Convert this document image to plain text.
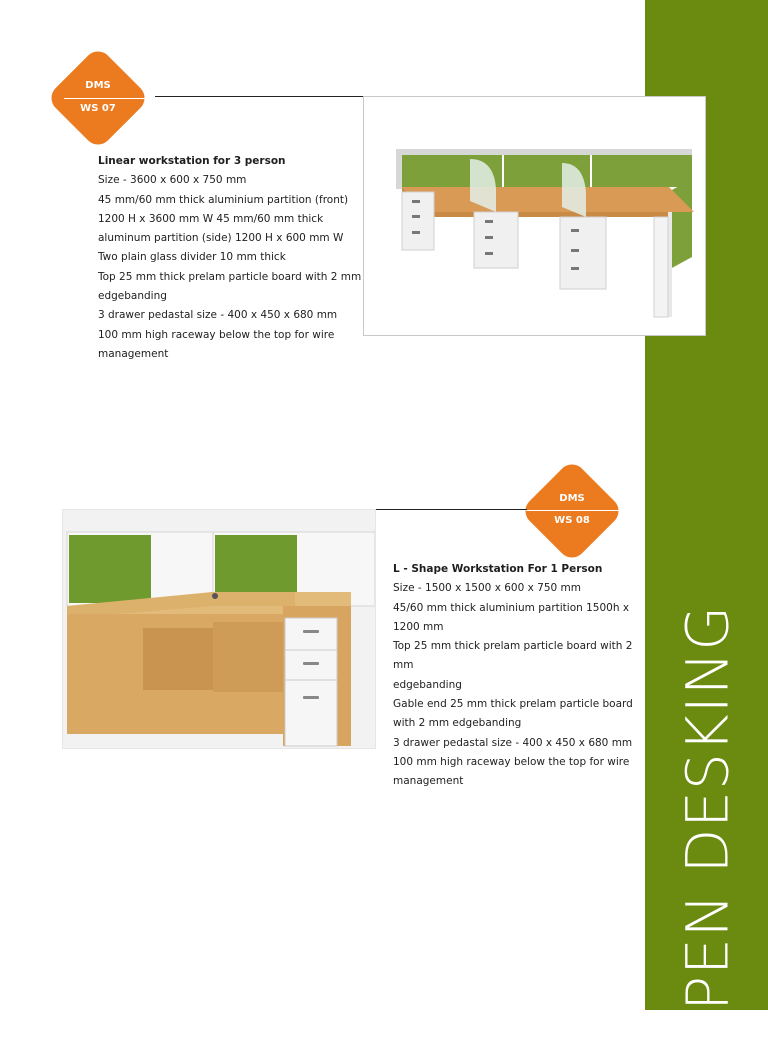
OPEN DESKING
DMS
WS 07
Linear workstation for 3 person
Size - 3600 x 600 x 750 mm
45 mm/60 mm thick aluminium partition (front)
1200 H x 3600 mm W 45 mm/60 mm thick
aluminum partition (side) 1200 H x 600 mm W
Two plain glass divider 10 mm thick
Top 25 mm thick prelam particle board with 2 mm
edgebanding
3 drawer pedastal size - 400 x 450 x 680 mm
100 mm high raceway below the top for wire
management
DMS
WS 08
L - Shape Workstation For 1 Person
Size - 1500 x 1500 x 600 x 750 mm
45/60 mm thick aluminium partition 1500h x
1200 mm
Top 25 mm thick prelam particle board with 2
mm
edgebanding
Gable end 25 mm thick prelam particle board
with 2 mm edgebanding
3 drawer pedastal size - 400 x 450 x 680 mm
100 mm high raceway below the top for wire
management
